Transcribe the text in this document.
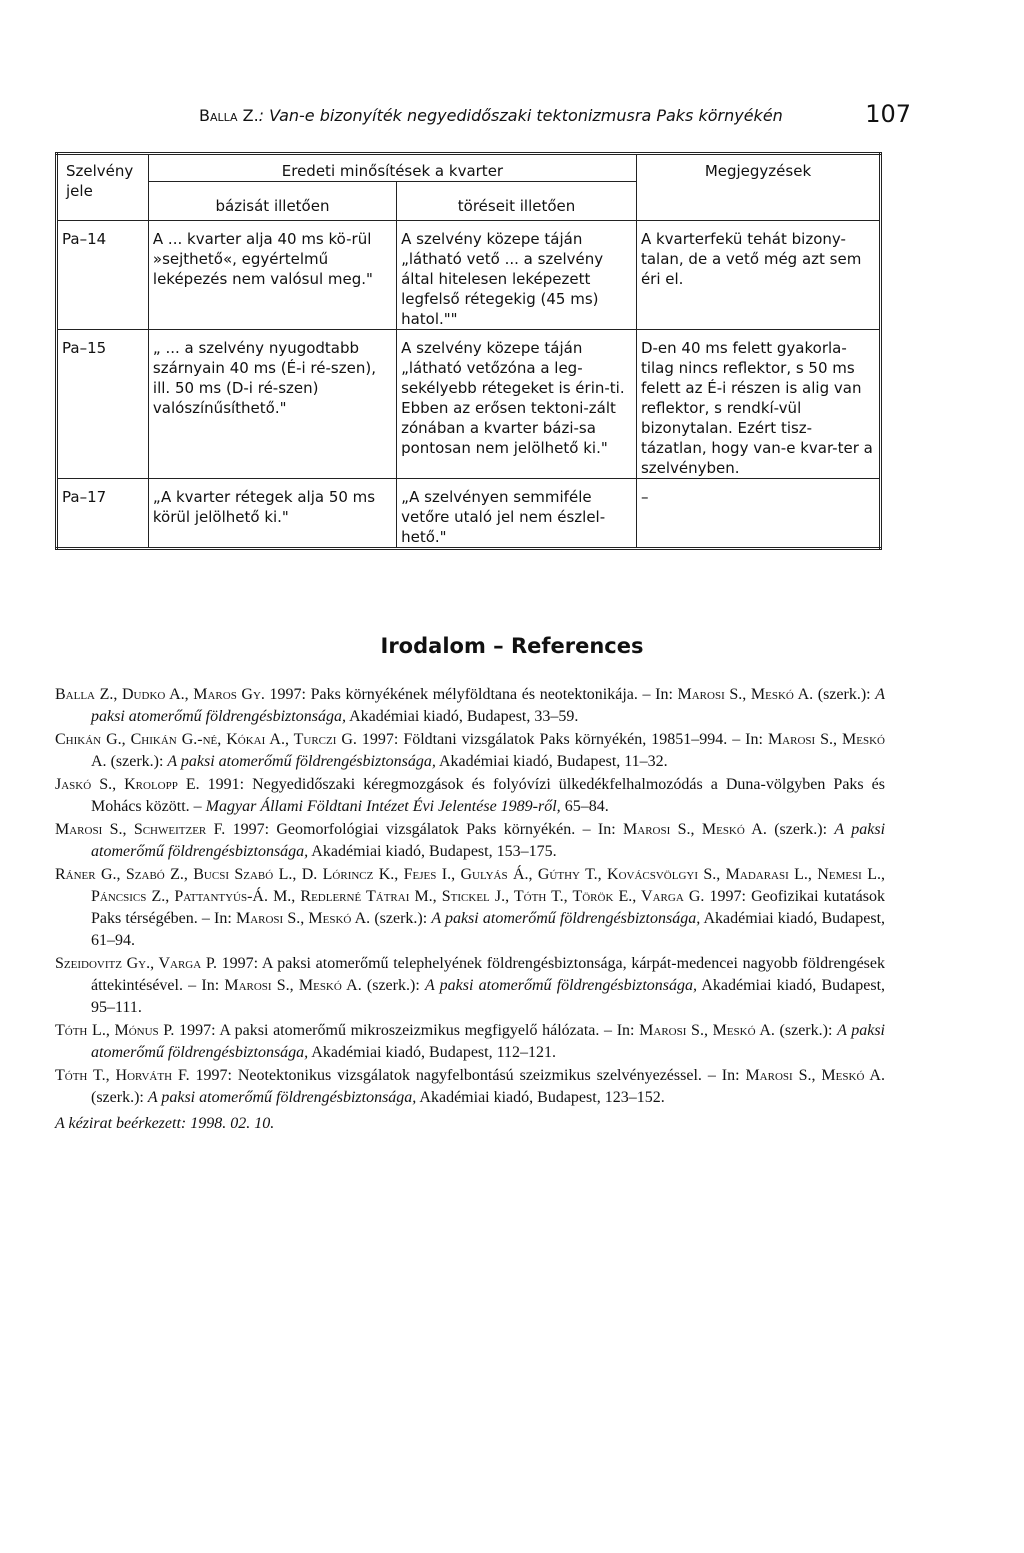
Balla Z.: Van-e bizonyíték negyedidőszaki tektonizmusra Paks környékén	107
Szelvény jele	Eredeti minősítések a kvarter		Megjegyzések
	bázisát illetően	töréseit illetően	
Pa–14	A ... kvarter alja 40 ms kö-rül »sejthető«, egyértelmű leképezés nem valósul meg."	A szelvény közepe táján „látható vető ... a szelvény által hitelesen leképezett legfelső rétegekig (45 ms) hatol.""	A kvarterfekü tehát bizony-talan, de a vető még azt sem éri el.
Pa–15	„ ... a szelvény nyugodtabb szárnyain 40 ms (É-i ré-szen), ill. 50 ms (D-i ré-szen) valószínűsíthető."	A szelvény közepe táján „látható vetőzóna a leg-sekélyebb rétegeket is érin-ti. Ebben az erősen tektoni-zált zónában a kvarter bázi-sa pontosan nem jelölhető ki."	D-en 40 ms felett gyakorla-tilag nincs reflektor, s 50 ms felett az É-i részen is alig van reflektor, s rendkí-vül bizonytalan. Ezért tisz-tázatlan, hogy van-e kvar-ter a szelvényben.
Pa–17	„A kvarter rétegek alja 50 ms körül jelölhető ki."	„A szelvényen semmiféle vetőre utaló jel nem észlel-hető."	–
Irodalom – References

Balla Z., Dudko A., Maros Gy. 1997: Paks környékének mélyföldtana és neotektonikája. – In: Marosi S., Meskó A. (szerk.): A paksi atomerőmű földrengésbiztonsága, Akadémiai kiadó, Budapest, 33–59.

Chikán G., Chikán G.-né, Kókai A., Turczi G. 1997: Földtani vizsgálatok Paks környékén, 19851–994. – In: Marosi S., Meskó A. (szerk.): A paksi atomerőmű földrengésbiztonsága, Akadémiai kiadó, Budapest, 11–32.

Jaskó S., Krolopp E. 1991: Negyedidőszaki kéregmozgások és folyóvízi ülkedékfelhalmozódás a Duna-völgyben Paks és Mohács között. – Magyar Állami Földtani Intézet Évi Jelentése 1989-ről, 65–84.

Marosi S., Schweitzer F. 1997: Geomorfológiai vizsgálatok Paks környékén. – In: Marosi S., Meskó A. (szerk.): A paksi atomerőmű földrengésbiztonsága, Akadémiai kiadó, Budapest, 153–175.

Ráner G., Szabó Z., Bucsi Szabó L., D. Lórincz K., Fejes I., Gulyás Á., Gúthy T., Kovácsvölgyi S., Madarasi L., Nemesi L., Páncsics Z., Pattantyús-Á. M., Redlerné Tátrai M., Stickel J., Tóth T., Török E., Varga G. 1997: Geofizikai kutatások Paks térségében. – In: Marosi S., Meskó A. (szerk.): A paksi atomerőmű földrengésbiztonsága, Akadémiai kiadó, Budapest, 61–94.

Szeidovitz Gy., Varga P. 1997: A paksi atomerőmű telephelyének földrengésbiztonsága, kárpát-medencei nagyobb földrengések áttekintésével. – In: Marosi S., Meskó A. (szerk.): A paksi atomerőmű földrengésbiztonsága, Akadémiai kiadó, Budapest, 95–111.

Tóth L., Mónus P. 1997: A paksi atomerőmű mikroszeizmikus megfigyelő hálózata. – In: Marosi S., Meskó A. (szerk.): A paksi atomerőmű földrengésbiztonsága, Akadémiai kiadó, Budapest, 112–121.

Tóth T., Horváth F. 1997: Neotektonikus vizsgálatok nagyfelbontású szeizmikus szelvényezéssel. – In: Marosi S., Meskó A. (szerk.): A paksi atomerőmű földrengésbiztonsága, Akadémiai kiadó, Budapest, 123–152.

A kézirat beérkezett: 1998. 02. 10.
